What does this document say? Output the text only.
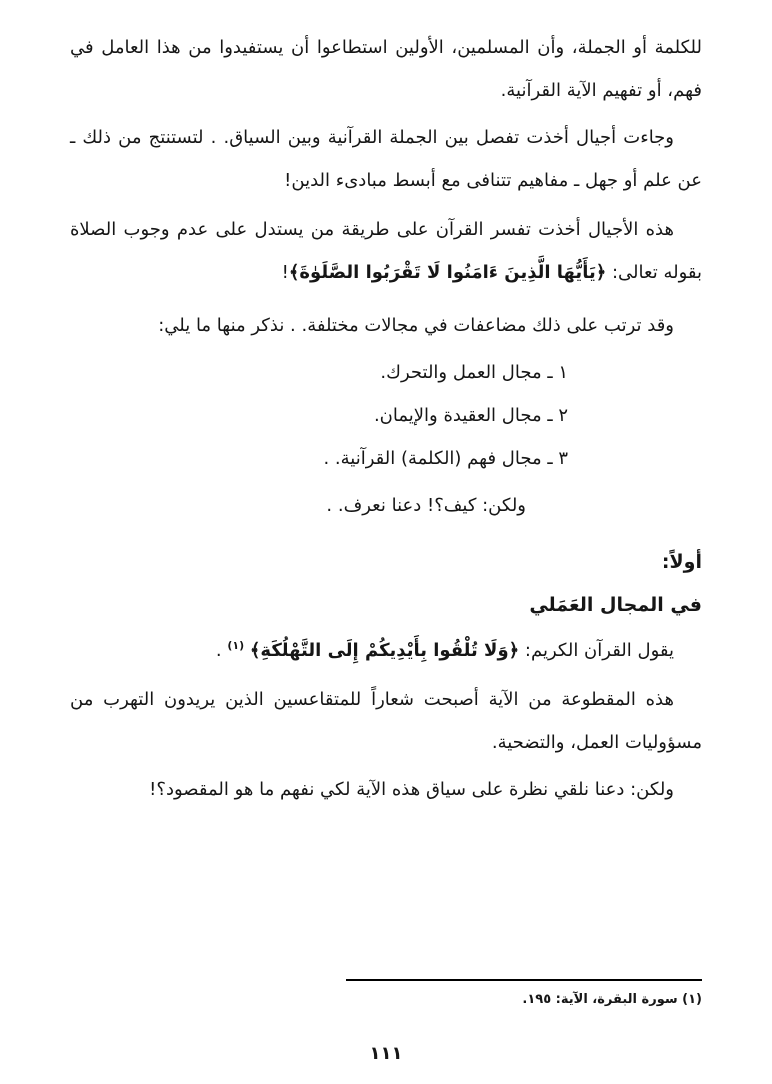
للكلمة أو الجملة، وأن المسلمين، الأولين استطاعوا أن يستفيدوا من هذا العامل في فهم، أو تفهيم الآية القرآنية.

وجاءت أجيال أخذت تفصل بين الجملة القرآنية وبين السياق. . لتستنتج من ذلك ـ عن علم أو جهل ـ مفاهيم تتنافى مع أبسط مبادىء الدين!

هذه الأجيال أخذت تفسر القرآن على طريقة من يستدل على عدم وجوب الصلاة بقوله تعالى: ﴿يَأَيُّهَا الَّذِينَ ءَامَنُوا لَا تَقْرَبُوا الصَّلَوٰةَ﴾!

وقد ترتب على ذلك مضاعفات في مجالات مختلفة. . نذكر منها ما يلي:

١ ـ مجال العمل والتحرك.

٢ ـ مجال العقيدة والإيمان.

٣ ـ مجال فهم (الكلمة) القرآنية. .

ولكن: كيف؟! دعنا نعرف. .

أولاً:

في المجال العَمَلي

يقول القرآن الكريم: ﴿وَلَا تُلْقُوا بِأَيْدِيكُمْ إِلَى التَّهْلُكَةِ﴾ $^{(١)}$ .

هذه المقطوعة من الآية أصبحت شعاراً للمتقاعسين الذين يريدون التهرب من مسؤوليات العمل، والتضحية.

ولكن: دعنا نلقي نظرة على سياق هذه الآية لكي نفهم ما هو المقصود؟!

(١) سورة البقرة، الآية: ١٩٥.
١١١
